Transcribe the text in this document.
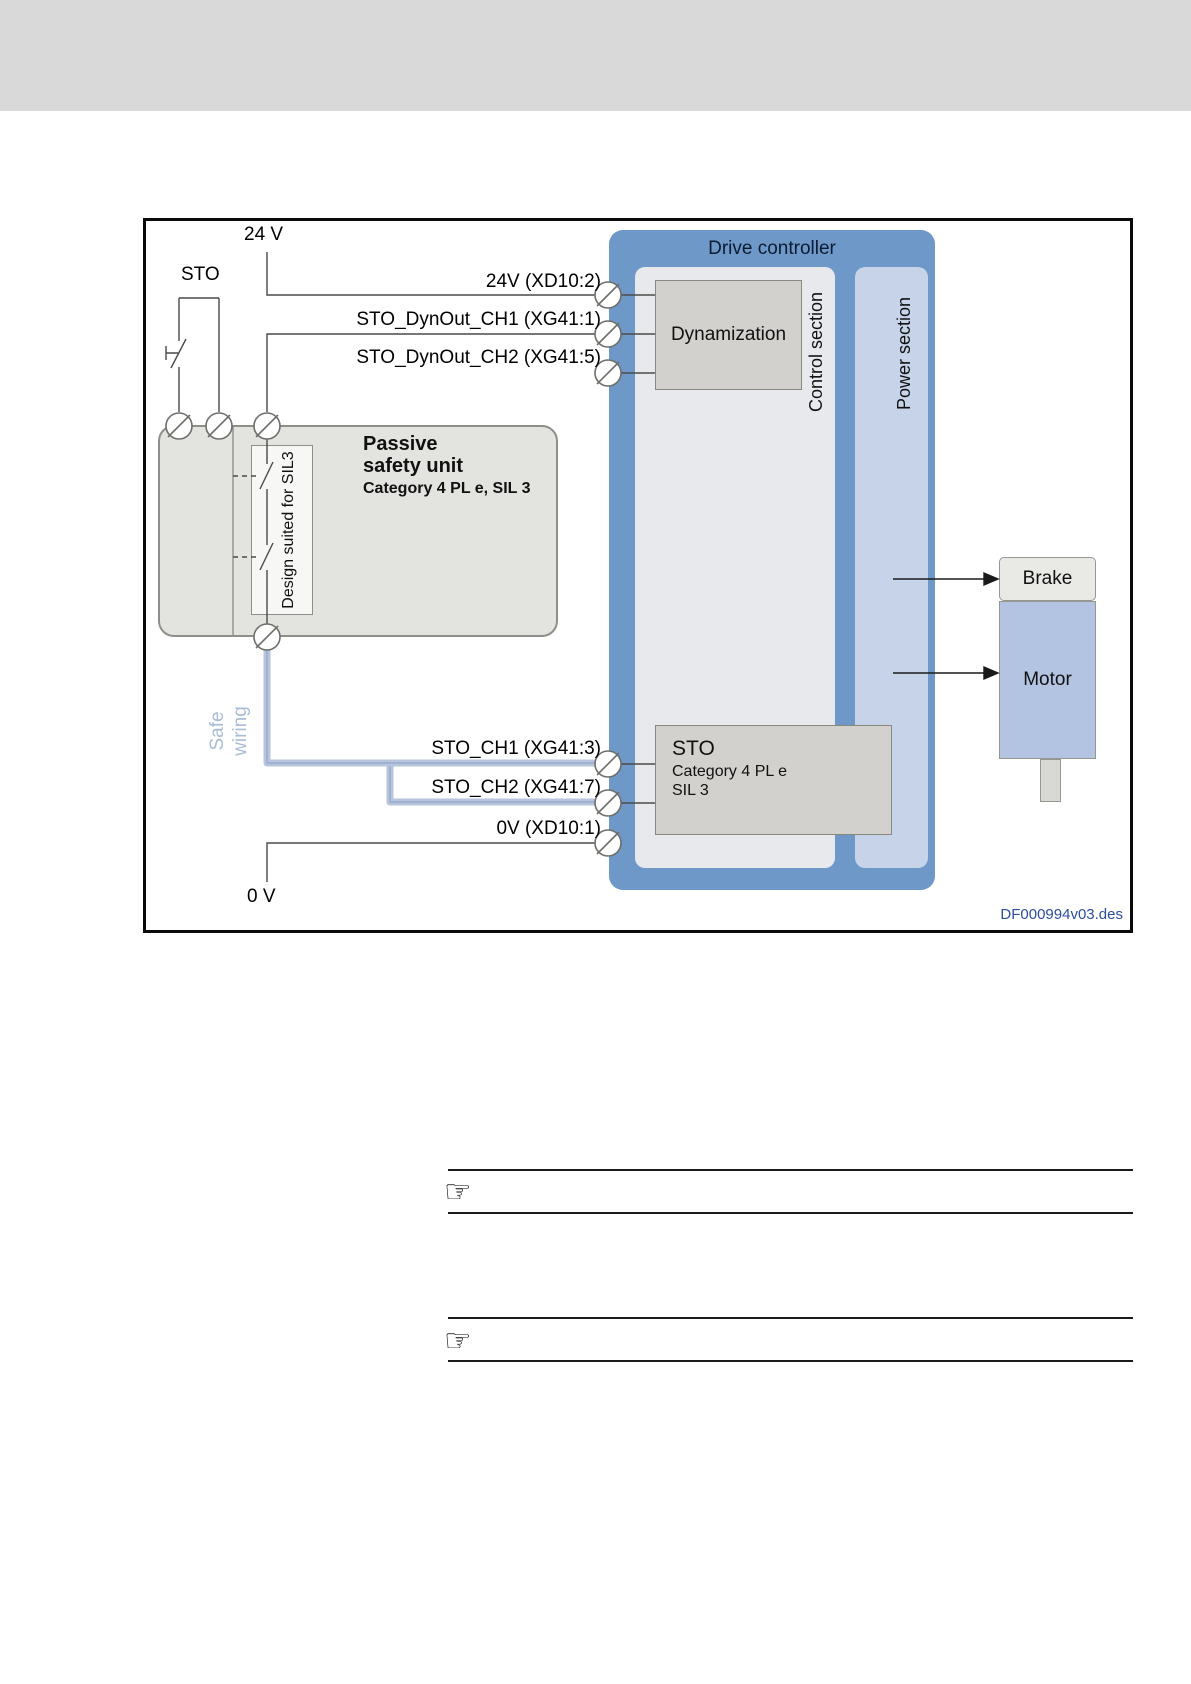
Passive
safety unit
Category 4 PL e, SIL 3
Drive controller
Dynamization
STO
Category 4 PL e
SIL 3
Brake
Motor
Control section	Power section
Design suited for SIL3
Safe wiring
24 V
STO
0 V
24V (XD10:2)
STO_DynOut_CH1 (XG41:1)
STO_DynOut_CH2 (XG41:5)
STO_CH1 (XG41:3)
STO_CH2 (XG41:7)
0V (XD10:1)
DF000994v03.des
☞
☞
